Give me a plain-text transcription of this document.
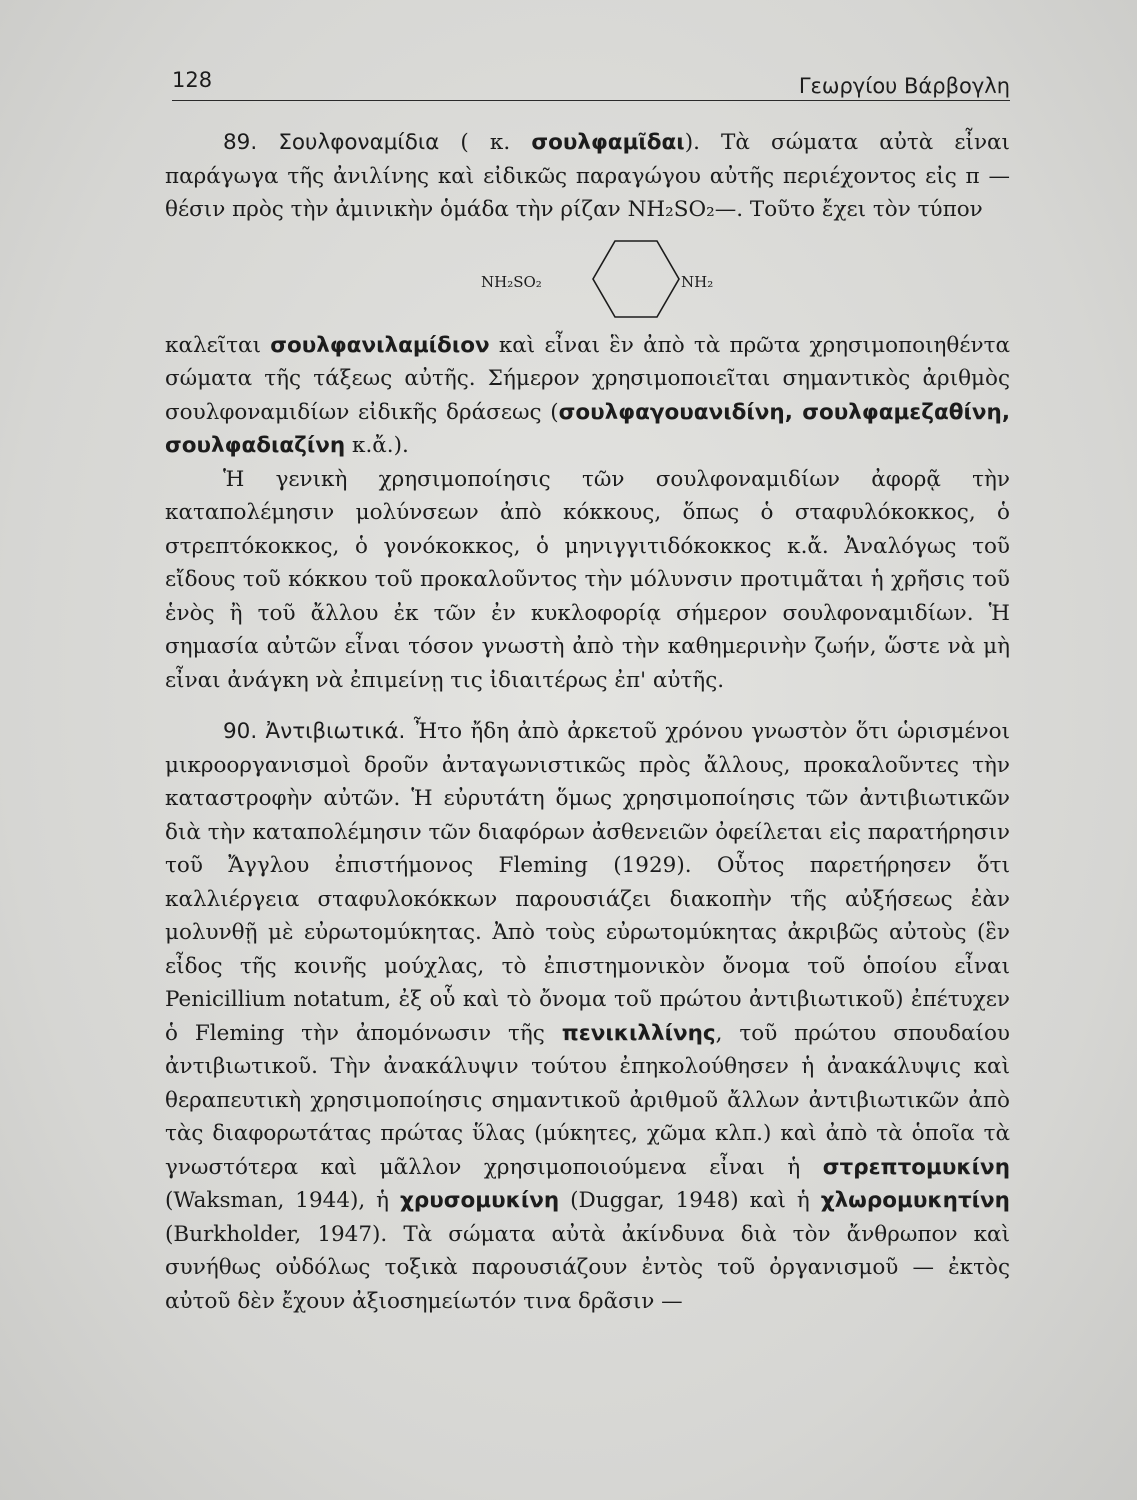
128	Γεωργίου Βάρβογλη

89. Σουλφοναμίδια ( κ. σουλφαμῖδαι). Τὰ σώματα αὐτὰ εἶναι παράγωγα τῆς ἀνιλίνης καὶ εἰδικῶς παραγώγου αὐτῆς περιέχοντος εἰς π — θέσιν πρὸς τὴν ἀμινικὴν ὁμάδα τὴν ρίζαν NH₂SO₂—. Τοῦτο ἔχει τὸν τύπον

NH₂SO₂	NH₂

καλεῖται σουλφανιλαμίδιον καὶ εἶναι ἓν ἀπὸ τὰ πρῶτα χρησιμοποιηθέντα σώματα τῆς τάξεως αὐτῆς. Σήμερον χρησιμοποιεῖται σημαντικὸς ἀριθμὸς σουλφοναμιδίων εἰδικῆς δράσεως (σουλφαγουανιδίνη, σουλφαμεζαθίνη, σουλφαδιαζίνη κ.ἄ.).

Ἡ γενικὴ χρησιμοποίησις τῶν σουλφοναμιδίων ἀφορᾷ τὴν καταπολέμησιν μολύνσεων ἀπὸ κόκκους, ὅπως ὁ σταφυλόκοκκος, ὁ στρεπτόκοκκος, ὁ γονόκοκκος, ὁ μηνιγγιτιδόκοκκος κ.ἄ. Ἀναλόγως τοῦ εἴδους τοῦ κόκκου τοῦ προκαλοῦντος τὴν μόλυνσιν προτιμᾶται ἡ χρῆσις τοῦ ἑνὸς ἢ τοῦ ἄλλου ἐκ τῶν ἐν κυκλοφορίᾳ σήμερον σουλφοναμιδίων. Ἡ σημασία αὐτῶν εἶναι τόσον γνωστὴ ἀπὸ τὴν καθημερινὴν ζωήν, ὥστε νὰ μὴ εἶναι ἀνάγκη νὰ ἐπιμείνῃ τις ἰδιαιτέρως ἐπ' αὐτῆς.

90. Ἀντιβιωτικά. Ἦτο ἤδη ἀπὸ ἀρκετοῦ χρόνου γνωστὸν ὅτι ὡρισμένοι μικροοργανισμοὶ δροῦν ἀνταγωνιστικῶς πρὸς ἄλλους, προκαλοῦντες τὴν καταστροφὴν αὐτῶν. Ἡ εὐρυτάτη ὅμως χρησιμοποίησις τῶν ἀντιβιωτικῶν διὰ τὴν καταπολέμησιν τῶν διαφόρων ἀσθενειῶν ὀφείλεται εἰς παρατήρησιν τοῦ Ἄγγλου ἐπιστήμονος Fleming (1929). Οὗτος παρετήρησεν ὅτι καλλιέργεια σταφυλοκόκκων παρουσιάζει διακοπὴν τῆς αὐξήσεως ἐὰν μολυνθῇ μὲ εὐρωτομύκητας. Ἀπὸ τοὺς εὐρωτομύκητας ἀκριβῶς αὐτοὺς (ἓν εἶδος τῆς κοινῆς μούχλας, τὸ ἐπιστημονικὸν ὄνομα τοῦ ὁποίου εἶναι Penicillium notatum, ἐξ οὗ καὶ τὸ ὄνομα τοῦ πρώτου ἀντιβιωτικοῦ) ἐπέτυχεν ὁ Fleming τὴν ἀπομόνωσιν τῆς πενικιλλίνης, τοῦ πρώτου σπουδαίου ἀντιβιωτικοῦ. Τὴν ἀνακάλυψιν τούτου ἐπηκολούθησεν ἡ ἀνακάλυψις καὶ θεραπευτικὴ χρησιμοποίησις σημαντικοῦ ἀριθμοῦ ἄλλων ἀντιβιωτικῶν ἀπὸ τὰς διαφορωτάτας πρώτας ὕλας (μύκητες, χῶμα κλπ.) καὶ ἀπὸ τὰ ὁποῖα τὰ γνωστότερα καὶ μᾶλλον χρησιμοποιούμενα εἶναι ἡ στρεπτομυκίνη (Waksman, 1944), ἡ χρυσομυκίνη (Duggar, 1948) καὶ ἡ χλωρομυκητίνη (Burkholder, 1947). Τὰ σώματα αὐτὰ ἀκίνδυνα διὰ τὸν ἄνθρωπον καὶ συνήθως οὐδόλως τοξικὰ παρουσιάζουν ἐντὸς τοῦ ὀργανισμοῦ — ἐκτὸς αὐτοῦ δὲν ἔχουν ἀξιοσημείωτόν τινα δρᾶσιν —
